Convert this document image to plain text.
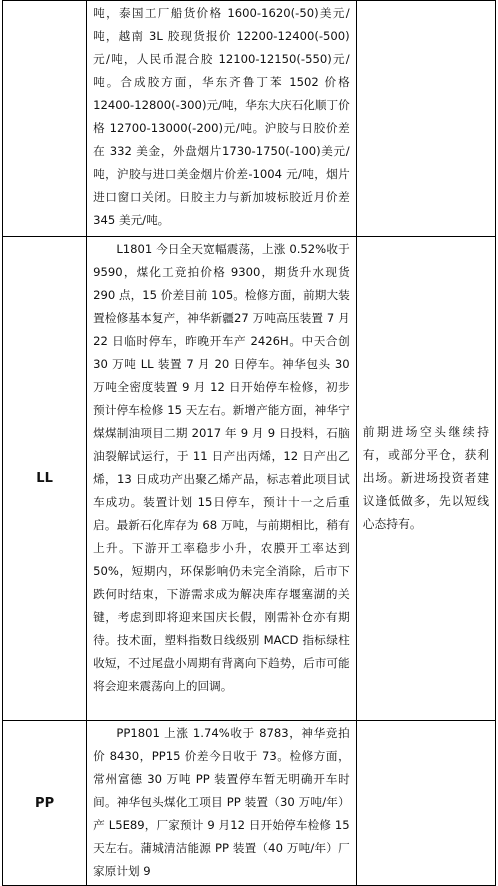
	吨，泰国工厂船货价格 1600-1620(-50)美元/吨，越南 3L 胶现货报价 12200-12400(-500)元/吨，人民币混合胶 12100-12150(-550)元/吨。合成胶方面，华东齐鲁丁苯 1502 价格12400-12800(-300)元/吨，华东大庆石化顺丁价格 12700-13000(-200)元/吨。沪胶与日胶价差在 332 美金，外盘烟片1730-1750(-100)美元/吨，沪胶与进口美金烟片价差-1004 元/吨，烟片进口窗口关闭。日胶主力与新加坡标胶近月价差 345 美元/吨。	

LL	L1801 今日全天宽幅震荡，上涨 0.52%收于 9590，煤化工竞拍价格 9300，期货升水现货 290 点，15 价差目前 105。检修方面，前期大装置检修基本复产，神华新疆27 万吨高压装置 7 月 22 日临时停车，昨晚开车产 2426H。中天合创 30 万吨 LL 装置 7 月 20 日停车。神华包头 30 万吨全密度装置 9 月 12 日开始停车检修，初步预计停车检修 15 天左右。新增产能方面，神华宁煤煤制油项目二期 2017 年 9 月 9 日投料，石脑油裂解试运行，于 11 日产出丙烯，12 日产出乙烯，13 日成功产出聚乙烯产品，标志着此项目试车成功。装置计划 15日停车，预计十一之后重启。最新石化库存为 68 万吨，与前期相比，稍有上升。下游开工率稳步小升，农膜开工率达到 50%，短期内，环保影响仍未完全消除，后市下跌何时结束，下游需求成为解决库存堰塞湖的关键，考虑到即将迎来国庆长假，刚需补仓亦有期待。技术面，塑料指数日线级别 MACD 指标绿柱收短，不过尾盘小周期有背离向下趋势，后市可能将会迎来震荡向上的回调。	前期进场空头继续持有，或部分平仓，获利出场。新进场投资者建议逢低做多，先以短线心态持有。

PP	PP1801 上涨 1.74%收于 8783，神华竞拍价 8430，PP15 价差今日收于 73。检修方面，常州富德 30 万吨 PP 装置停车暂无明确开车时间。神华包头煤化工项目 PP 装置（30 万吨/年）产 L5E89，厂家预计 9 月12 日开始停车检修 15 天左右。蒲城清洁能源 PP 装置（40 万吨/年）厂家原计划 9	
